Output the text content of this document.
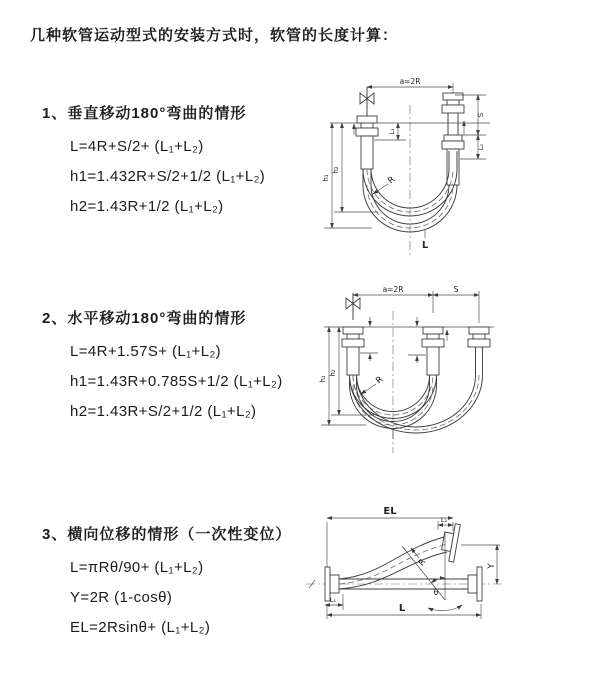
几种软管运动型式的安装方式时，软管的长度计算：
1、垂直移动180°弯曲的情形
L=4R+S/2+ (L₁+L₂)
h1=1.432R+S/2+1/2 (L₁+L₂)
h2=1.43R+1/2 (L₁+L₂)
2、水平移动180°弯曲的情形
L=4R+1.57S+ (L₁+L₂)
h1=1.43R+0.785S+1/2 (L₁+L₂)
h2=1.43R+S/2+1/2 (L₁+L₂)
3、横向位移的情形（一次性变位）
L=πRθ/90+ (L₁+L₂)
Y=2R (1-cosθ)
EL=2Rsinθ+ (L₁+L₂)
a=2R
h₁
h₂
L₁
S
L₂
R
L
a=2R	S
h₁
h₂
R
EL
L₂
Y
L
L₁
R
θ
